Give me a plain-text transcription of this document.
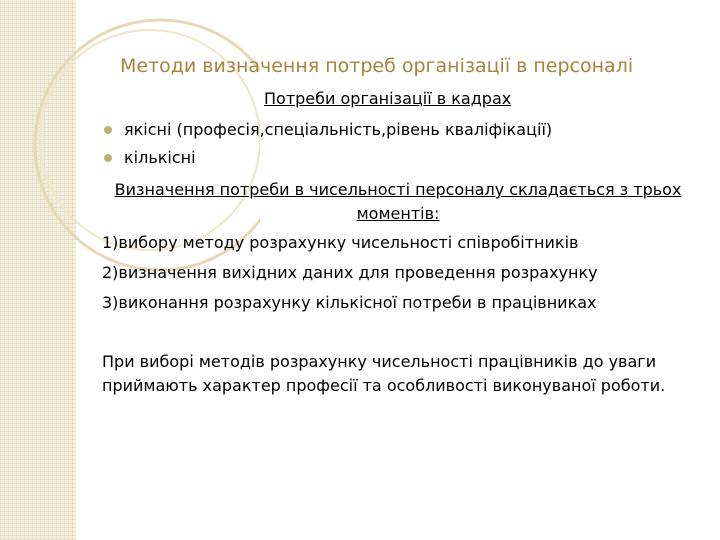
Методи визначення потреб організації в персоналі
Потреби організації в кадрах
якісні (професія,спеціальність,рівень кваліфікації)
кількісні
Визначення потреби в чисельності персоналу складається з трьох моментів:
1)вибору методу розрахунку чисельності співробітників
2)визначення вихідних даних для проведення розрахунку
3)виконання розрахунку кількісної потреби в працівниках
При виборі методів розрахунку чисельності працівників до уваги приймають характер професії та особливості виконуваної роботи.
